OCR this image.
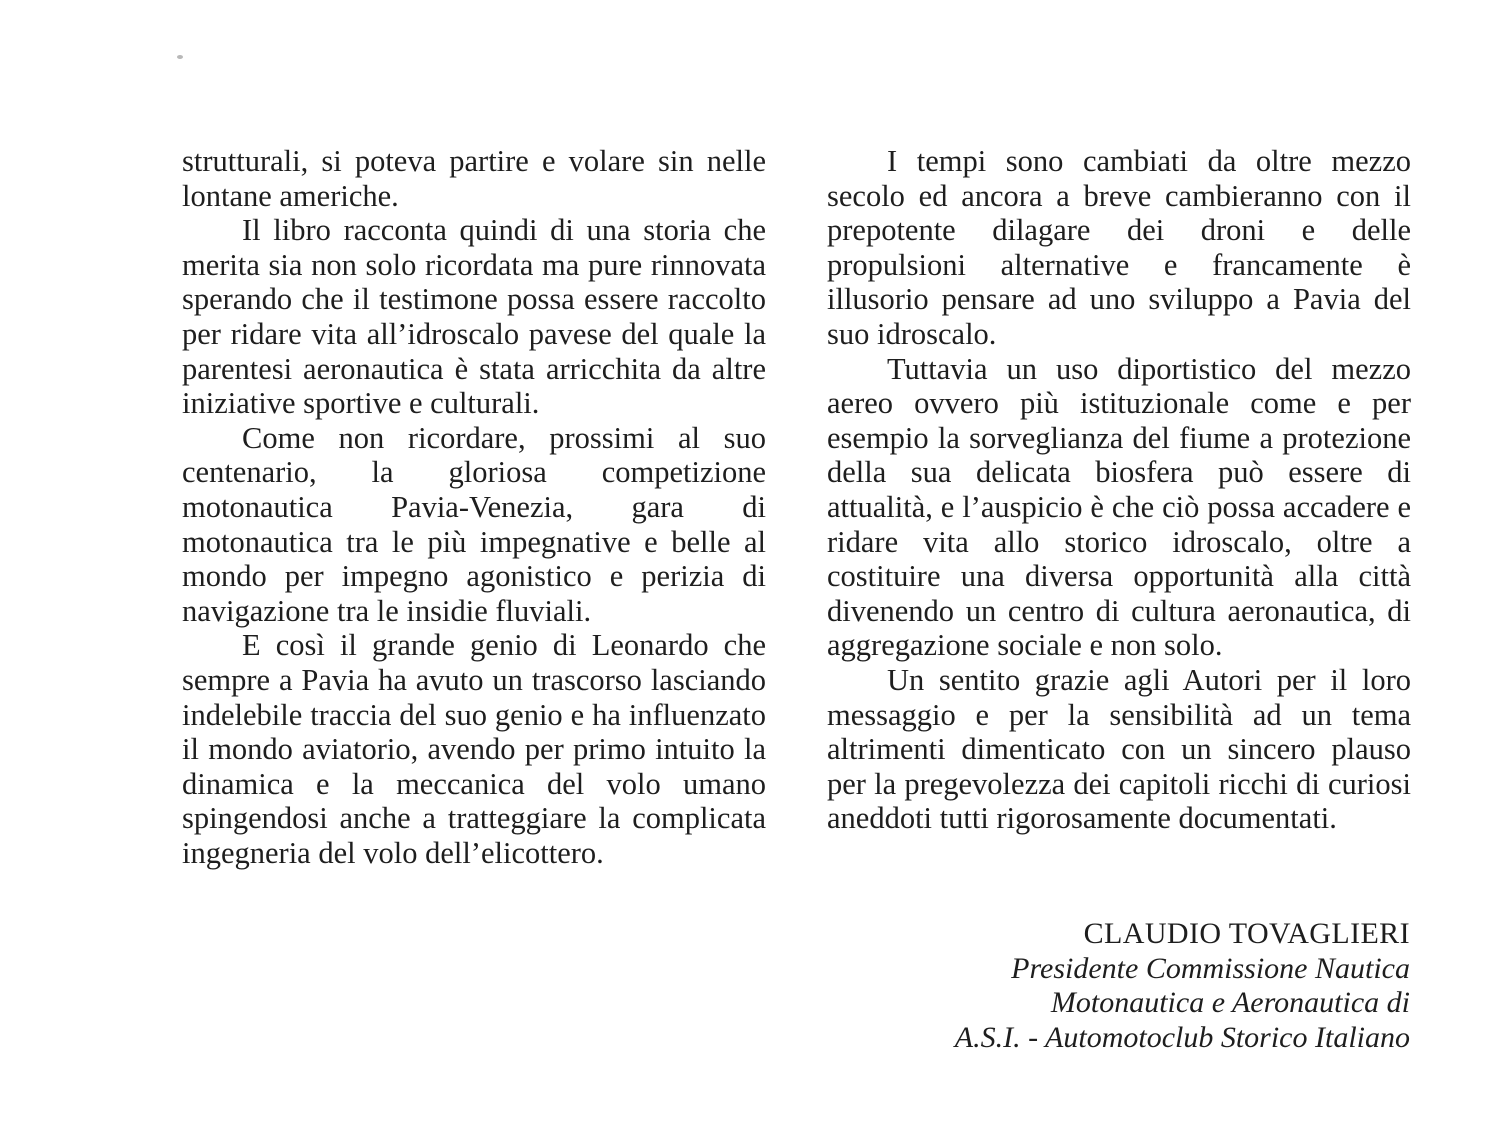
strutturali, si poteva partire e volare sin nelle lontane americhe.

Il libro racconta quindi di una storia che merita sia non solo ricordata ma pure rinnovata sperando che il testimone possa essere raccolto per ridare vita all’idroscalo pavese del quale la parentesi aeronautica è stata arricchita da altre iniziative sportive e culturali.

Come non ricordare, prossimi al suo centenario, la gloriosa competizione motonautica Pavia-Venezia, gara di motonautica tra le più impegnative e belle al mondo per impegno agonistico e perizia di navigazione tra le insidie fluviali.

E così il grande genio di Leonardo che sempre a Pavia ha avuto un trascorso lasciando indelebile traccia del suo genio e ha influenzato il mondo aviatorio, avendo per primo intuito la dinamica e la meccanica del volo umano spingendosi anche a tratteggiare la complicata ingegneria del volo dell’elicottero.

I tempi sono cambiati da oltre mezzo secolo ed ancora a breve cambieranno con il prepotente dilagare dei droni e delle propulsioni alternative e francamente è illusorio pensare ad uno sviluppo a Pavia del suo idroscalo.

Tuttavia un uso diportistico del mezzo aereo ovvero più istituzionale come e per esempio la sorveglianza del fiume a protezione della sua delicata biosfera può essere di attualità, e l’auspicio è che ciò possa accadere e ridare vita allo storico idroscalo, oltre a costituire una diversa opportunità alla città divenendo un centro di cultura aeronautica, di aggregazione sociale e non solo.

Un sentito grazie agli Autori per il loro messaggio e per la sensibilità ad un tema altrimenti dimenticato con un sincero plauso per la pregevolezza dei capitoli ricchi di curiosi aneddoti tutti rigorosamente documentati.

CLAUDIO TOVAGLIERI
Presidente Commissione Nautica
Motonautica e Aeronautica di
A.S.I. - Automotoclub Storico Italiano
